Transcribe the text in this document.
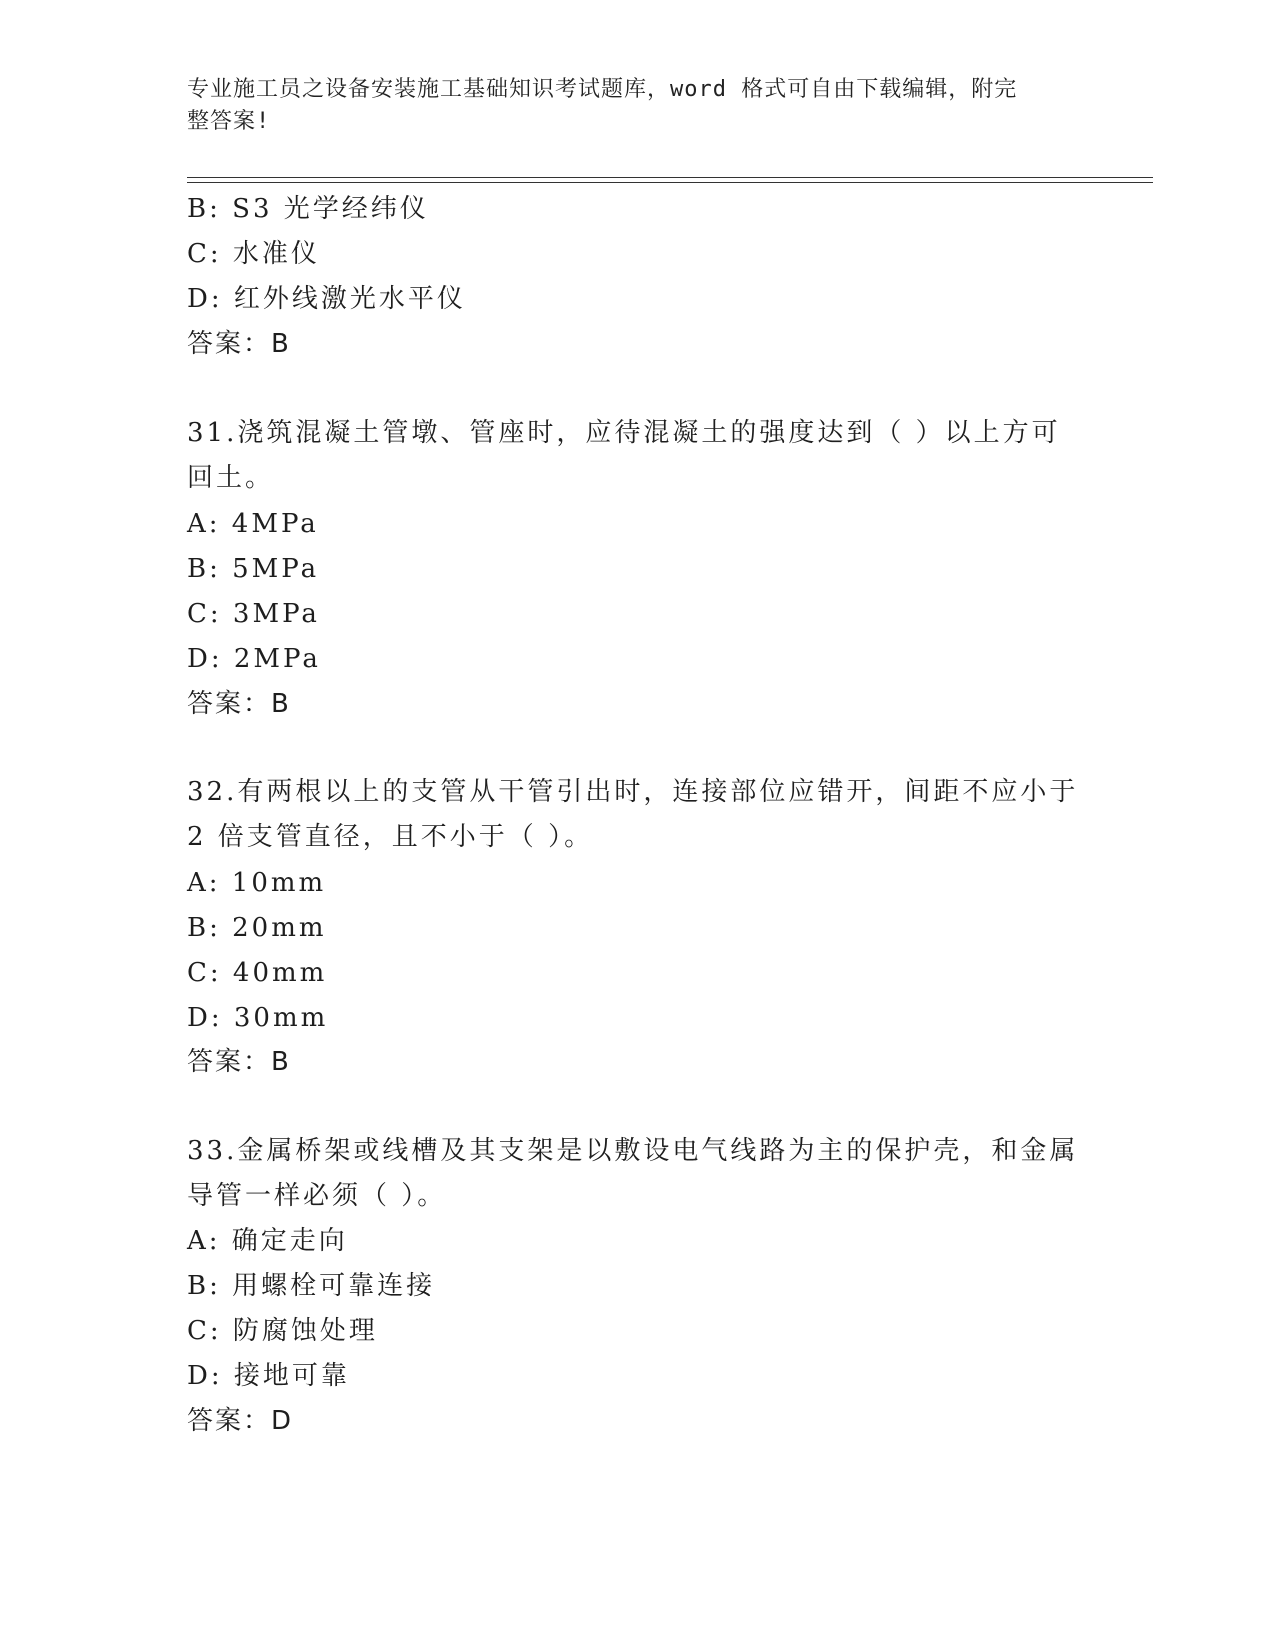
专业施工员之设备安装施工基础知识考试题库，word 格式可自由下载编辑，附完
整答案!
B: S3 光学经纬仪
C: 水准仪
D: 红外线激光水平仪
答案：B
31.浇筑混凝土管墩、管座时，应待混凝土的强度达到（ ）以上方可
回土。
A: 4MPa
B: 5MPa
C: 3MPa
D: 2MPa
答案：B
32.有两根以上的支管从干管引出时，连接部位应错开，间距不应小于
2 倍支管直径，且不小于（ ）。
A: 10mm
B: 20mm
C: 40mm
D: 30mm
答案：B
33.金属桥架或线槽及其支架是以敷设电气线路为主的保护壳，和金属
导管一样必须（ ）。
A: 确定走向
B: 用螺栓可靠连接
C: 防腐蚀处理
D: 接地可靠
答案：D
